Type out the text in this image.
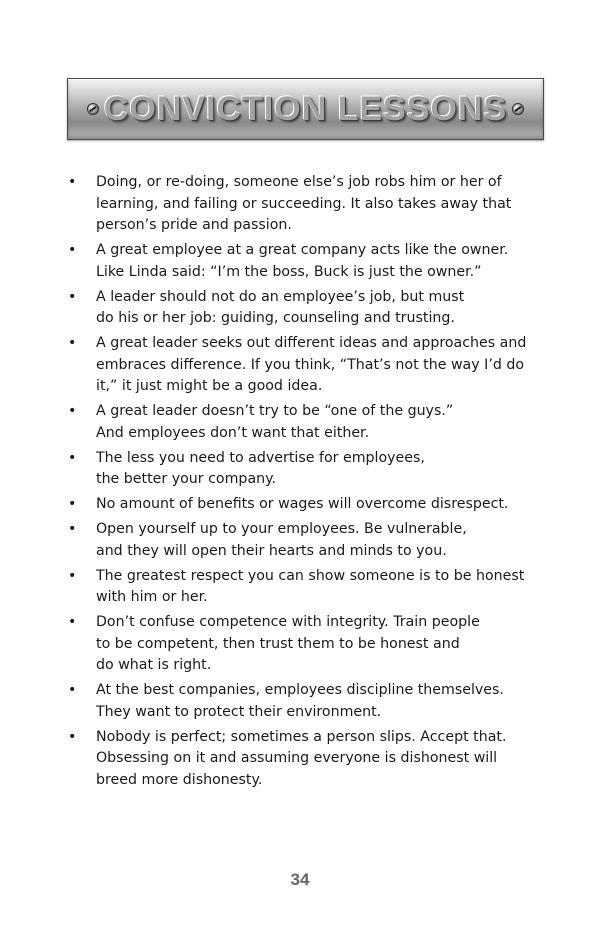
CONVICTION LESSONS
• Doing, or re-doing, someone else’s job robs him or her of
learning, and failing or succeeding. It also takes away that
person’s pride and passion.
• A great employee at a great company acts like the owner.
Like Linda said: “I’m the boss, Buck is just the owner.”
• A leader should not do an employee’s job, but must
do his or her job: guiding, counseling and trusting.
• A great leader seeks out different ideas and approaches and
embraces difference. If you think, “That’s not the way I’d do
it,” it just might be a good idea.
• A great leader doesn’t try to be “one of the guys.”
And employees don’t want that either.
• The less you need to advertise for employees,
the better your company.
• No amount of benefits or wages will overcome disrespect.
• Open yourself up to your employees. Be vulnerable,
and they will open their hearts and minds to you.
• The greatest respect you can show someone is to be honest
with him or her.
• Don’t confuse competence with integrity. Train people
to be competent, then trust them to be honest and
do what is right.
• At the best companies, employees discipline themselves.
They want to protect their environment.
• Nobody is perfect; sometimes a person slips. Accept that.
Obsessing on it and assuming everyone is dishonest will
breed more dishonesty.
34
